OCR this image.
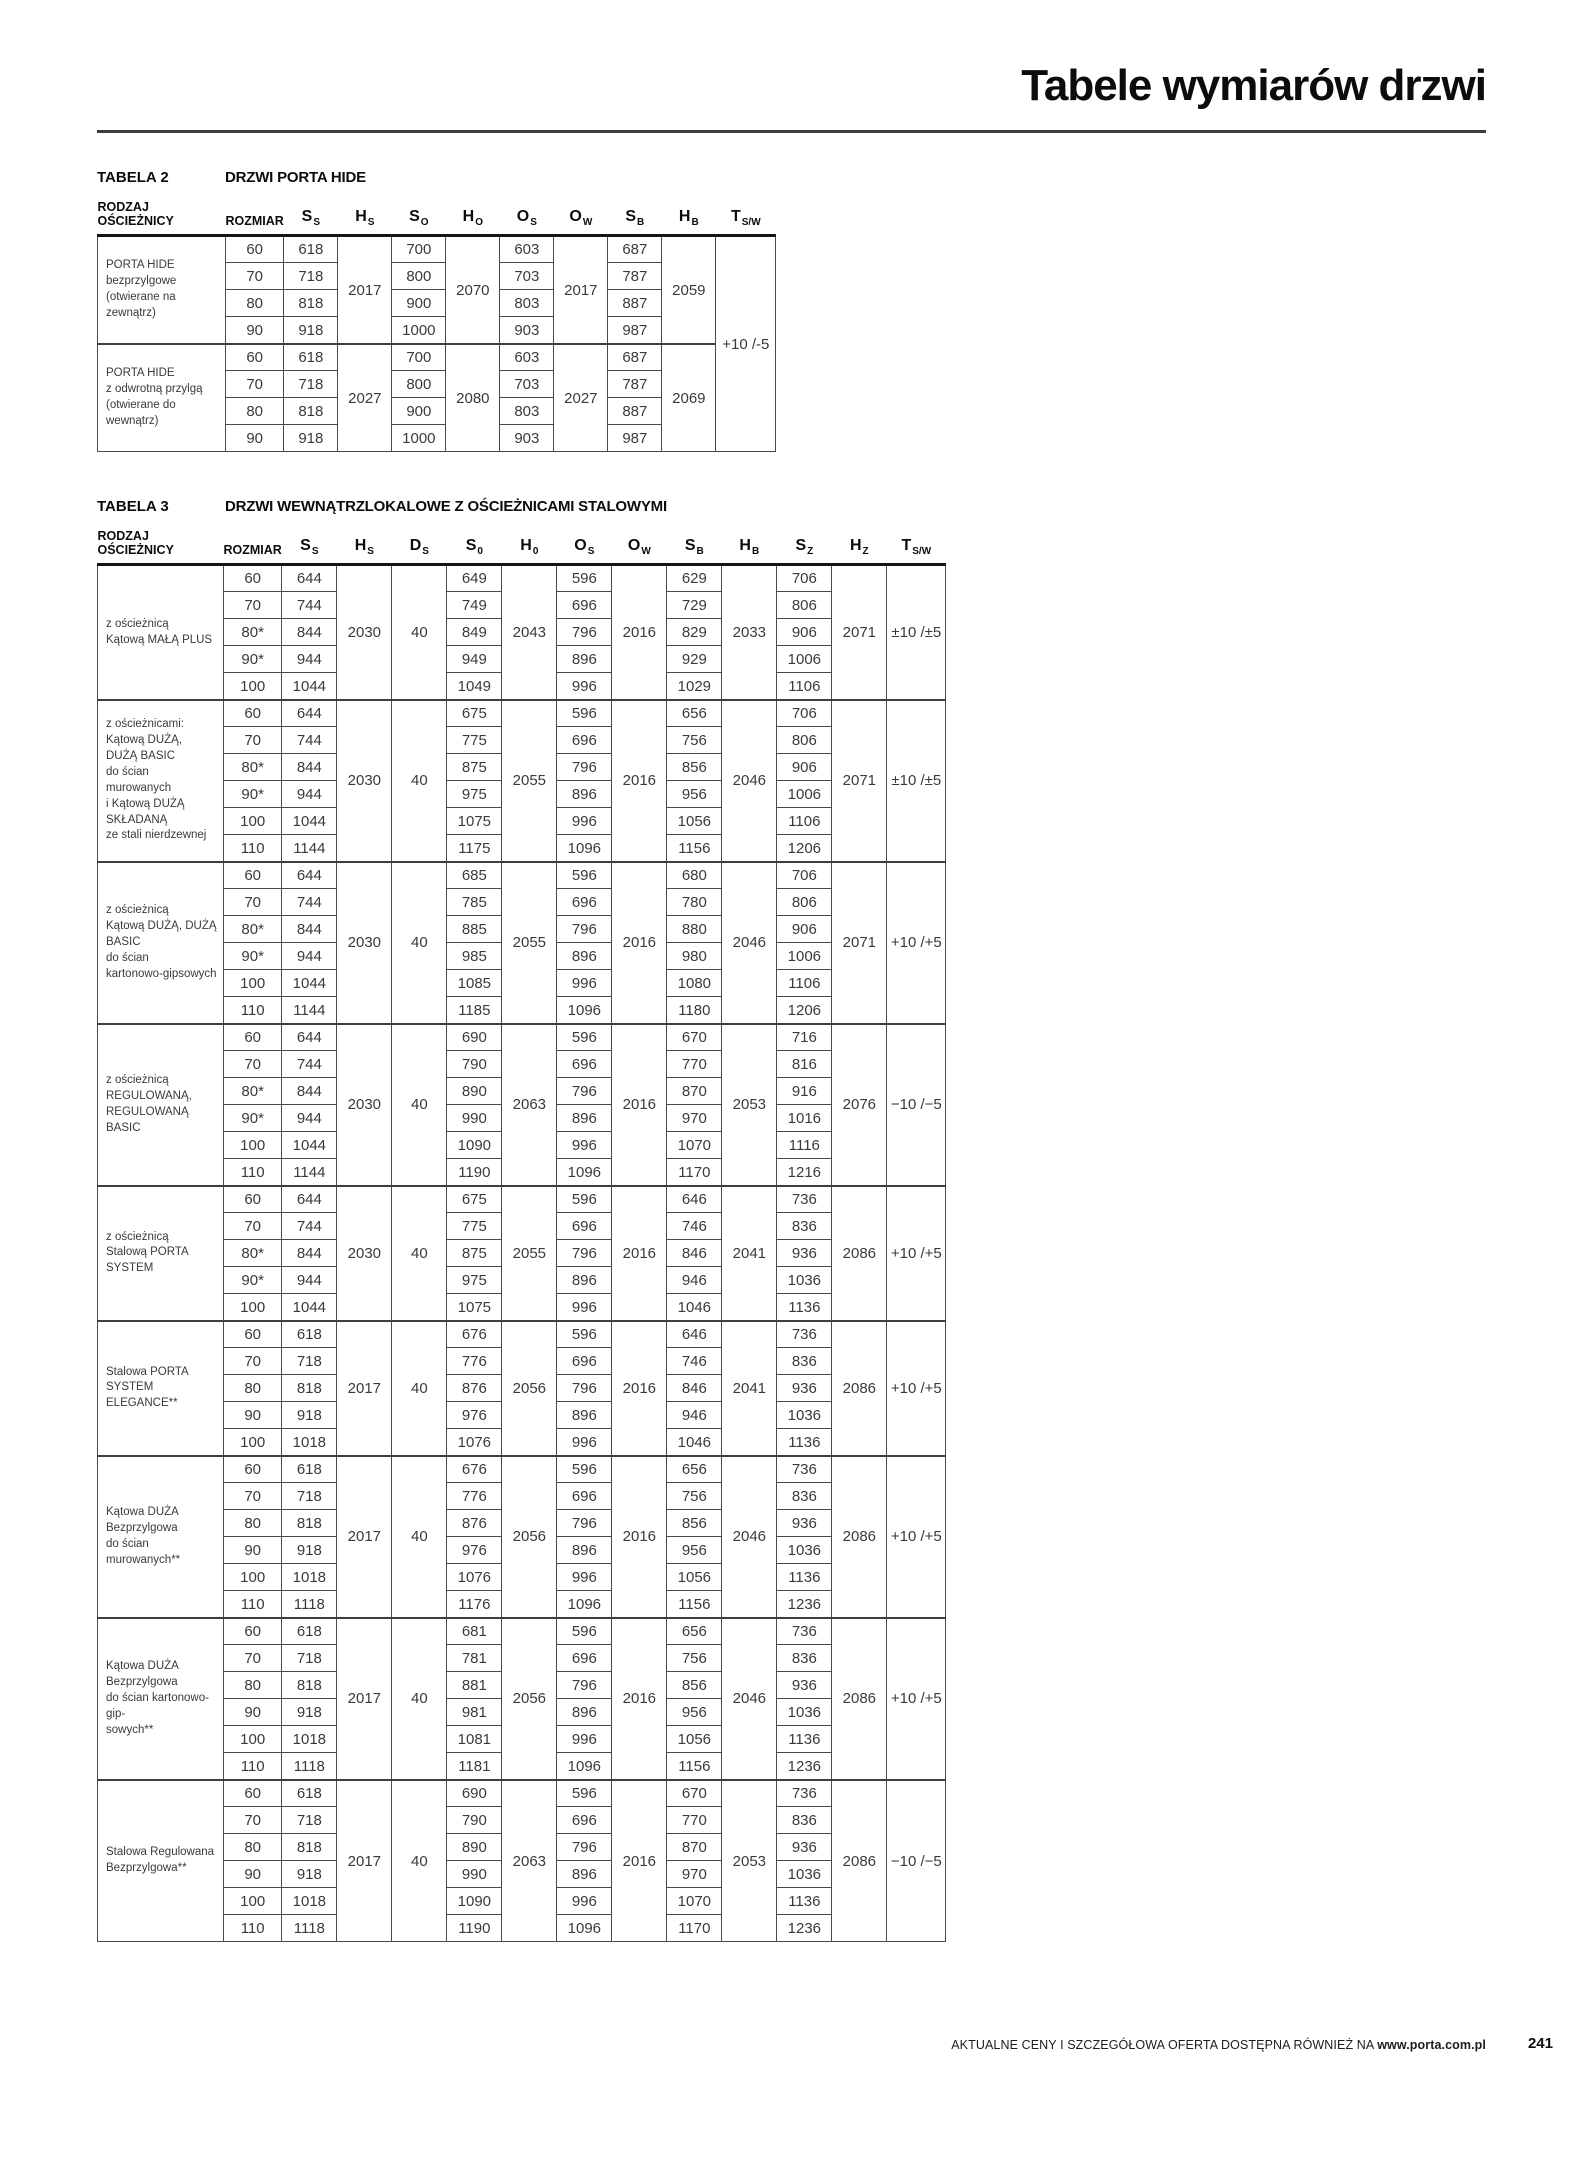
Tabele wymiarów drzwi
TABELA 2	DRZWI PORTA HIDE
RODZAJ OŚCIEŻNICY	ROZMIAR	$S_S$	$H_S$	$S_O$	$H_O$	$O_S$	$O_W$	$S_B$	$H_B$	$T_{S/W}$
PORTA HIDE
bezprzylgowe
(otwierane na zewnątrz)	60	618	2017	700	2070	603	2017	687	2059	+10 /-5
	70	718		800		703		787		
	80	818		900		803		887		
	90	918		1000		903		987		
PORTA HIDE
z odwrotną przylgą
(otwierane do wewnątrz)	60	618	2027	700	2080	603	2027	687	2069	
	70	718		800		703		787		
	80	818		900		803		887		
	90	918		1000		903		987		
TABELA 3	DRZWI WEWNĄTRZLOKALOWE Z OŚCIEŻNICAMI STALOWYMI
RODZAJ OŚCIEŻNICY	ROZMIAR	$S_S$	$H_S$	$D_S$	$S_0$	$H_0$	$O_S$	$O_W$	$S_B$	$H_B$	$S_Z$	$H_Z$	$T_{S/W}$
z ościeżnicą
Kątową MAŁĄ PLUS	60	644	2030	40	649	2043	596	2016	629	2033	706	2071	±10 /±5
	70	744			749		696		729		806		
	80*	844			849		796		829		906		
	90*	944			949		896		929		1006		
	100	1044			1049		996		1029		1106		
z ościeżnicami:
Kątową DUŻĄ,
DUŻĄ BASIC
do ścian murowanych
i Kątową DUŻĄ SKŁADANĄ
ze stali nierdzewnej	60	644	2030	40	675	2055	596	2016	656	2046	706	2071	±10 /±5
	70	744			775		696		756		806		
	80*	844			875		796		856		906		
	90*	944			975		896		956		1006		
	100	1044			1075		996		1056		1106		
	110	1144			1175		1096		1156		1206		
z ościeżnicą
Kątową DUŻĄ, DUŻĄ BASIC
do ścian
kartonowo-gipsowych	60	644	2030	40	685	2055	596	2016	680	2046	706	2071	+10 /+5
	70	744			785		696		780		806		
	80*	844			885		796		880		906		
	90*	944			985		896		980		1006		
	100	1044			1085		996		1080		1106		
	110	1144			1185		1096		1180		1206		
z ościeżnicą
REGULOWANĄ,
REGULOWANĄ BASIC	60	644	2030	40	690	2063	596	2016	670	2053	716	2076	−10 /−5
	70	744			790		696		770		816		
	80*	844			890		796		870		916		
	90*	944			990		896		970		1016		
	100	1044			1090		996		1070		1116		
	110	1144			1190		1096		1170		1216		
z ościeżnicą
Stalową PORTA SYSTEM	60	644	2030	40	675	2055	596	2016	646	2041	736	2086	+10 /+5
	70	744			775		696		746		836		
	80*	844			875		796		846		936		
	90*	944			975		896		946		1036		
	100	1044			1075		996		1046		1136		
Stalowa PORTA
SYSTEM ELEGANCE**	60	618	2017	40	676	2056	596	2016	646	2041	736	2086	+10 /+5
	70	718			776		696		746		836		
	80	818			876		796		846		936		
	90	918			976		896		946		1036		
	100	1018			1076		996		1046		1136		
Kątowa DUŻA Bezprzylgowa
do ścian murowanych**	60	618	2017	40	676	2056	596	2016	656	2046	736	2086	+10 /+5
	70	718			776		696		756		836		
	80	818			876		796		856		936		
	90	918			976		896		956		1036		
	100	1018			1076		996		1056		1136		
	110	1118			1176		1096		1156		1236		
Kątowa DUŻA Bezprzylgowa
do ścian kartonowo-gip-
sowych**	60	618	2017	40	681	2056	596	2016	656	2046	736	2086	+10 /+5
	70	718			781		696		756		836		
	80	818			881		796		856		936		
	90	918			981		896		956		1036		
	100	1018			1081		996		1056		1136		
	110	1118			1181		1096		1156		1236		
Stalowa Regulowana
Bezprzylgowa**	60	618	2017	40	690	2063	596	2016	670	2053	736	2086	−10 /−5
	70	718			790		696		770		836		
	80	818			890		796		870		936		
	90	918			990		896		970		1036		
	100	1018			1090		996		1070		1136		
	110	1118			1190		1096		1170		1236		
AKTUALNE CENY I SZCZEGÓŁOWA OFERTA DOSTĘPNA RÓWNIEŻ NA www.porta.com.pl	241
